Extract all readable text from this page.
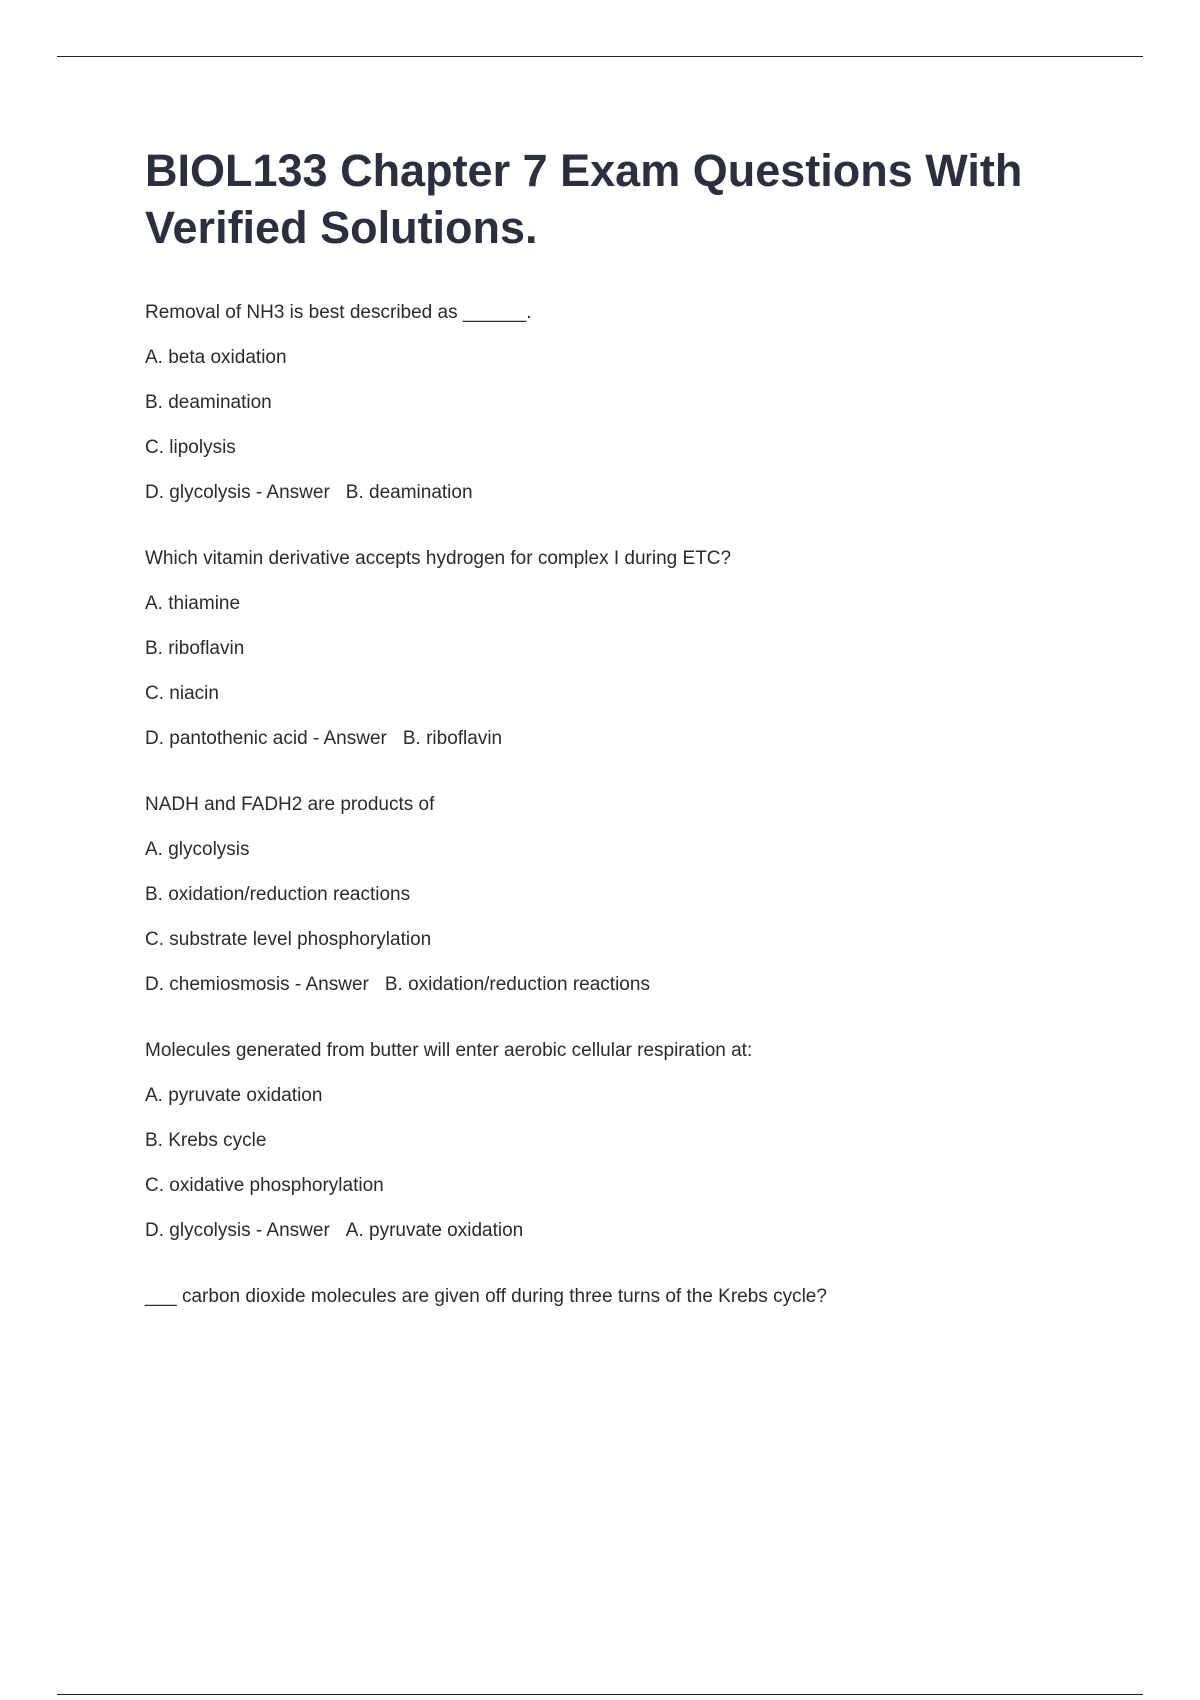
BIOL133 Chapter 7 Exam Questions With Verified Solutions.
Removal of NH3 is best described as ______.
A. beta oxidation
B. deamination
C. lipolysis
D. glycolysis - Answer B. deamination
Which vitamin derivative accepts hydrogen for complex I during ETC?
A. thiamine
B. riboflavin
C. niacin
D. pantothenic acid - Answer B. riboflavin
NADH and FADH2 are products of
A. glycolysis
B. oxidation/reduction reactions
C. substrate level phosphorylation
D. chemiosmosis - Answer B. oxidation/reduction reactions
Molecules generated from butter will enter aerobic cellular respiration at:
A. pyruvate oxidation
B. Krebs cycle
C. oxidative phosphorylation
D. glycolysis - Answer A. pyruvate oxidation
___ carbon dioxide molecules are given off during three turns of the Krebs cycle?
